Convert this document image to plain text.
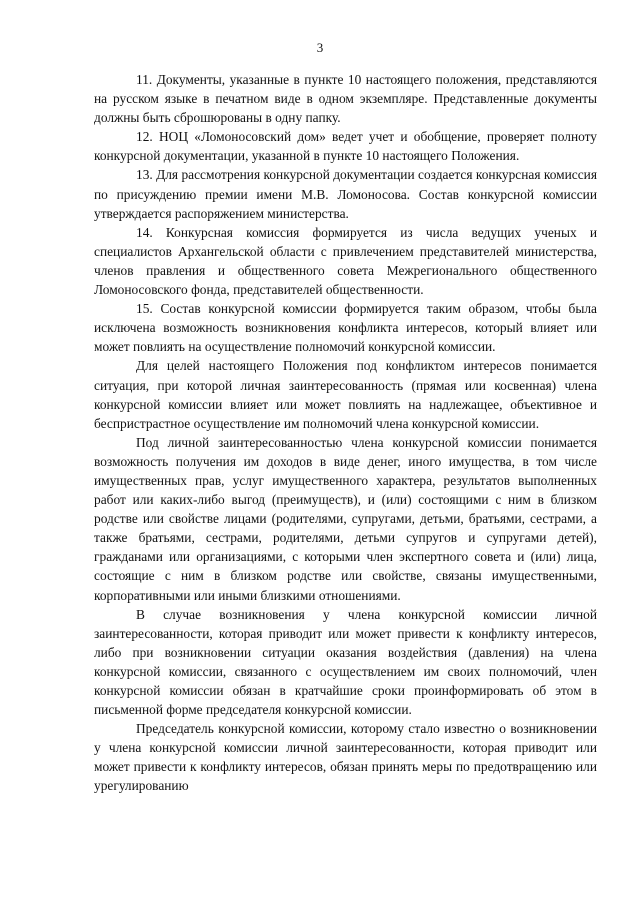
3

11. Документы, указанные в пункте 10 настоящего положения, представляются на русском языке в печатном виде в одном экземпляре. Представленные документы должны быть сброшюрованы в одну папку.

12. НОЦ «Ломоносовский дом» ведет учет и обобщение, проверяет полноту конкурсной документации, указанной в пункте 10 настоящего Положения.

13. Для рассмотрения конкурсной документации создается конкурсная комиссия по присуждению премии имени М.В. Ломоносова. Состав конкурсной комиссии утверждается распоряжением министерства.

14. Конкурсная комиссия формируется из числа ведущих ученых и специалистов Архангельской области с привлечением представителей министерства, членов правления и общественного совета Межрегионального общественного Ломоносовского фонда, представителей общественности.

15. Состав конкурсной комиссии формируется таким образом, чтобы была исключена возможность возникновения конфликта интересов, который влияет или может повлиять на осуществление полномочий конкурсной комиссии.

Для целей настоящего Положения под конфликтом интересов понимается ситуация, при которой личная заинтересованность (прямая или косвенная) члена конкурсной комиссии влияет или может повлиять на надлежащее, объективное и беспристрастное осуществление им полномочий члена конкурсной комиссии.

Под личной заинтересованностью члена конкурсной комиссии понимается возможность получения им доходов в виде денег, иного имущества, в том числе имущественных прав, услуг имущественного характера, результатов выполненных работ или каких-либо выгод (преимуществ), и (или) состоящими с ним в близком родстве или свойстве лицами (родителями, супругами, детьми, братьями, сестрами, а также братьями, сестрами, родителями, детьми супругов и супругами детей), гражданами или организациями, с которыми член экспертного совета и (или) лица, состоящие с ним в близком родстве или свойстве, связаны имущественными, корпоративными или иными близкими отношениями.

В случае возникновения у члена конкурсной комиссии личной заинтересованности, которая приводит или может привести к конфликту интересов, либо при возникновении ситуации оказания воздействия (давления) на члена конкурсной комиссии, связанного с осуществлением им своих полномочий, член конкурсной комиссии обязан в кратчайшие сроки проинформировать об этом в письменной форме председателя конкурсной комиссии.

Председатель конкурсной комиссии, которому стало известно о возникновении у члена конкурсной комиссии личной заинтересованности, которая приводит или может привести к конфликту интересов, обязан принять меры по предотвращению или урегулированию
